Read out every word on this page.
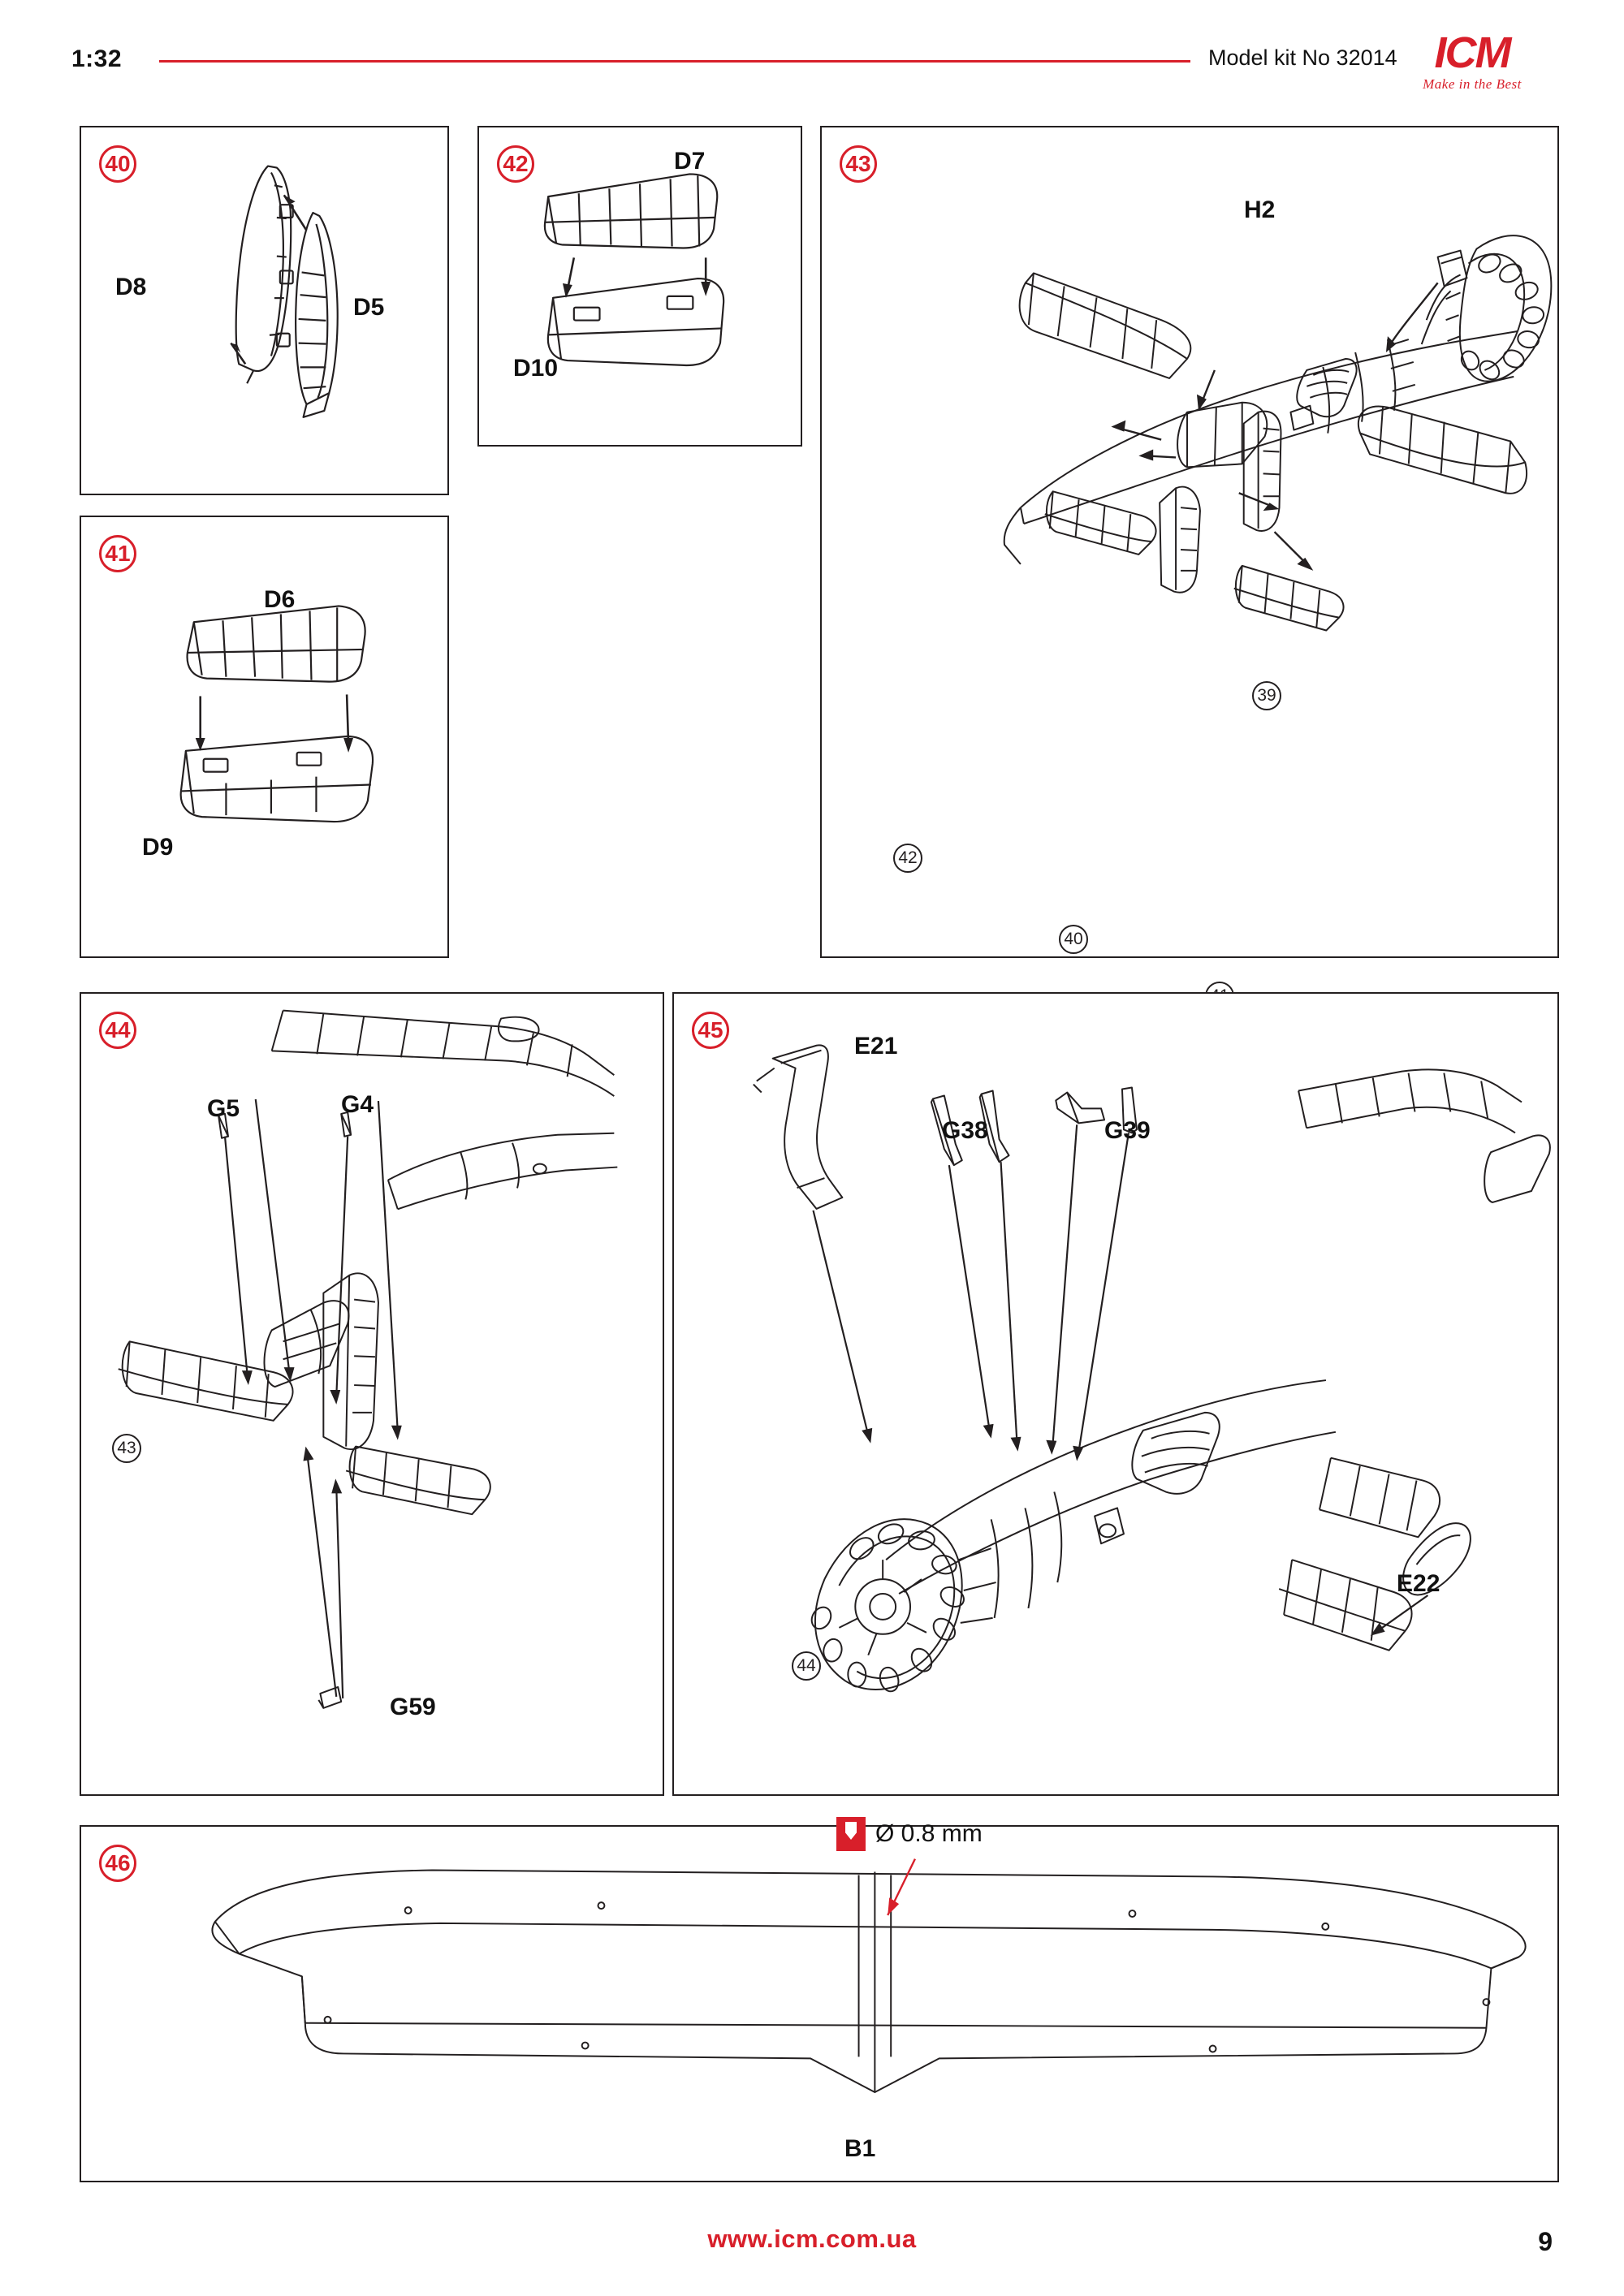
1:32	Model kit No 32014 ICM
Make in the Best
40
D8
D5
41
D6
D9
42	D7
D10
43
H2
39
42
40
44
G5	G4
G59
43
45
E21
G38	G39
E22
44
46
Ø 0.8 mm
B1
www.icm.com.ua	9
